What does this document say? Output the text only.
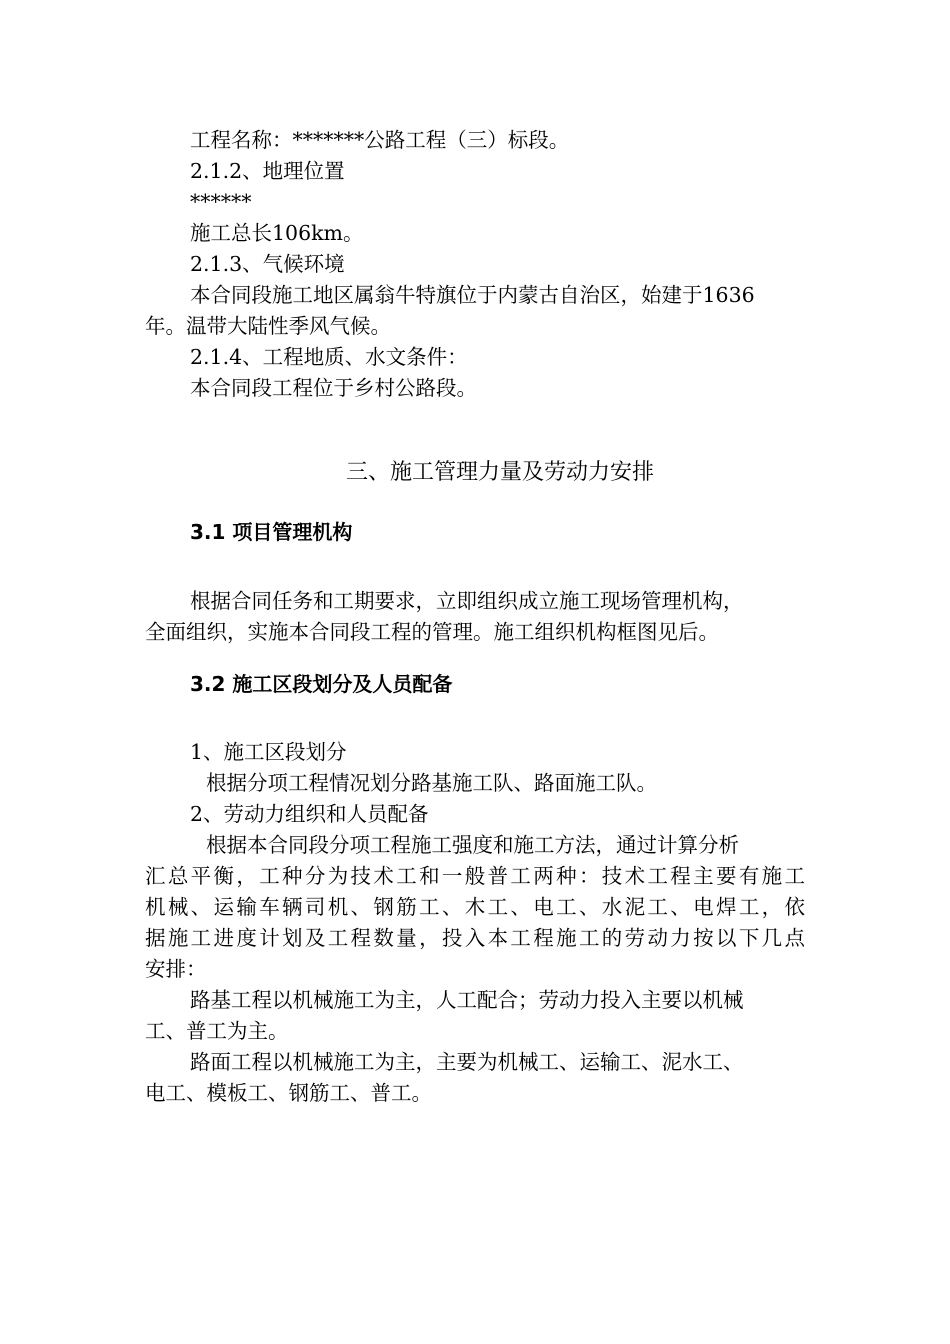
工程名称：*******公路工程（三）标段。
2.1.2、地理位置
******
施工总长106km。
2.1.3、气候环境
本合同段施工地区属翁牛特旗位于内蒙古自治区，始建于1636
年。温带大陆性季风气候。
2.1.4、工程地质、水文条件：
本合同段工程位于乡村公路段。
三、施工管理力量及劳动力安排
3.1 项目管理机构
根据合同任务和工期要求，立即组织成立施工现场管理机构，
全面组织，实施本合同段工程的管理。施工组织机构框图见后。
3.2 施工区段划分及人员配备
1、施工区段划分
根据分项工程情况划分路基施工队、路面施工队。
2、劳动力组织和人员配备
根据本合同段分项工程施工强度和施工方法，通过计算分析
汇总平衡，工种分为技术工和一般普工两种：技术工程主要有施工
机械、运输车辆司机、钢筋工、木工、电工、水泥工、电焊工，依
据施工进度计划及工程数量，投入本工程施工的劳动力按以下几点
安排：
路基工程以机械施工为主，人工配合；劳动力投入主要以机械
工、普工为主。
路面工程以机械施工为主，主要为机械工、运输工、泥水工、
电工、模板工、钢筋工、普工。
